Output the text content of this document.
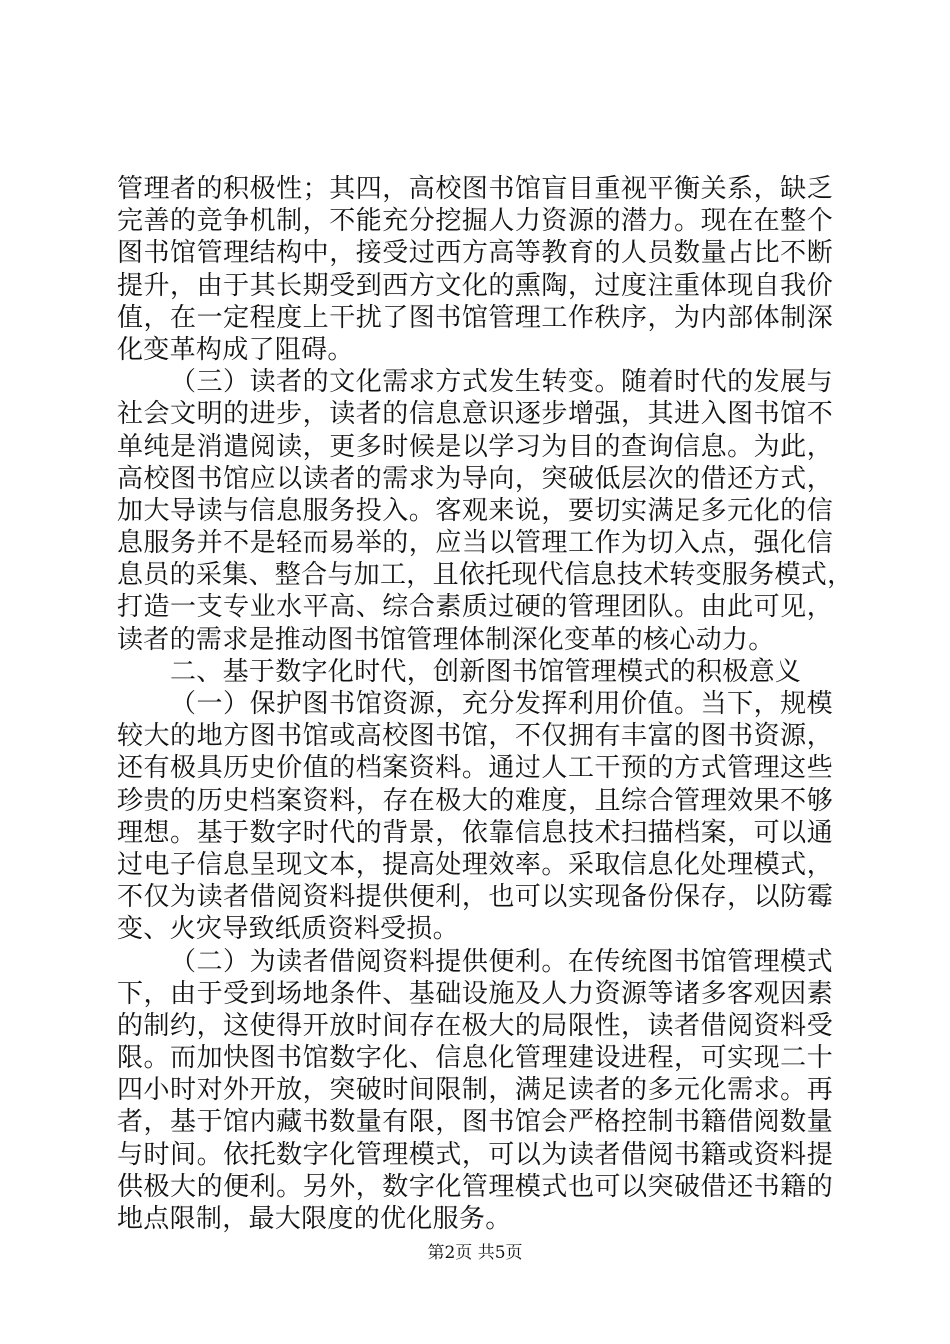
管理者的积极性；其四，高校图书馆盲目重视平衡关系，缺乏
完善的竞争机制，不能充分挖掘人力资源的潜力。现在在整个
图书馆管理结构中，接受过西方高等教育的人员数量占比不断
提升，由于其长期受到西方文化的熏陶，过度注重体现自我价
值，在一定程度上干扰了图书馆管理工作秩序，为内部体制深
化变革构成了阻碍。
（三）读者的文化需求方式发生转变。随着时代的发展与
社会文明的进步，读者的信息意识逐步增强，其进入图书馆不
单纯是消遣阅读，更多时候是以学习为目的查询信息。为此，
高校图书馆应以读者的需求为导向，突破低层次的借还方式，
加大导读与信息服务投入。客观来说，要切实满足多元化的信
息服务并不是轻而易举的，应当以管理工作为切入点，强化信
息员的采集、整合与加工，且依托现代信息技术转变服务模式，
打造一支专业水平高、综合素质过硬的管理团队。由此可见，
读者的需求是推动图书馆管理体制深化变革的核心动力。
二、基于数字化时代，创新图书馆管理模式的积极意义
（一）保护图书馆资源，充分发挥利用价值。当下，规模
较大的地方图书馆或高校图书馆，不仅拥有丰富的图书资源，
还有极具历史价值的档案资料。通过人工干预的方式管理这些
珍贵的历史档案资料，存在极大的难度，且综合管理效果不够
理想。基于数字时代的背景，依靠信息技术扫描档案，可以通
过电子信息呈现文本，提高处理效率。采取信息化处理模式，
不仅为读者借阅资料提供便利，也可以实现备份保存，以防霉
变、火灾导致纸质资料受损。
（二）为读者借阅资料提供便利。在传统图书馆管理模式
下，由于受到场地条件、基础设施及人力资源等诸多客观因素
的制约，这使得开放时间存在极大的局限性，读者借阅资料受
限。而加快图书馆数字化、信息化管理建设进程，可实现二十
四小时对外开放，突破时间限制，满足读者的多元化需求。再
者，基于馆内藏书数量有限，图书馆会严格控制书籍借阅数量
与时间。依托数字化管理模式，可以为读者借阅书籍或资料提
供极大的便利。另外，数字化管理模式也可以突破借还书籍的
地点限制，最大限度的优化服务。
第2页 共5页
